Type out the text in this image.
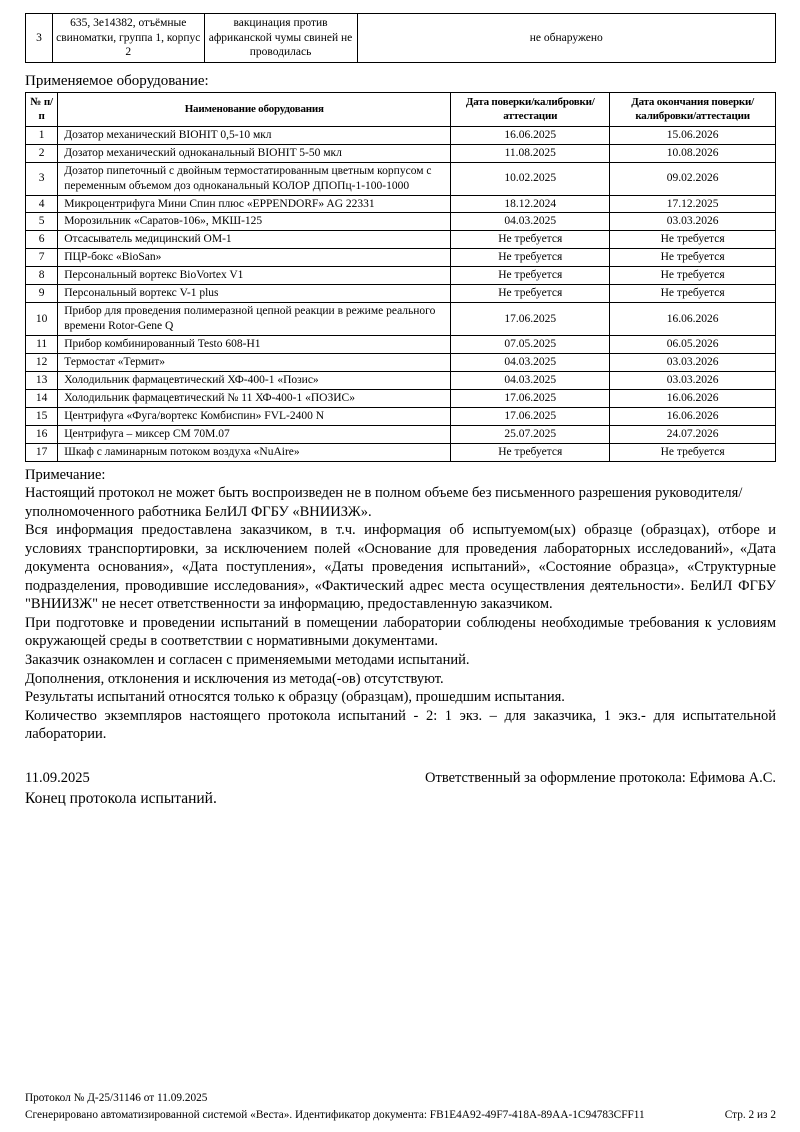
3	635, 3е14382, отъёмные свиноматки, группа 1, корпус 2	вакцинация против африканской чумы свиней не проводилась	не обнаружено
Применяемое оборудование:
№ п/п	Наименование оборудования	Дата поверки/калибровки/аттестации	Дата окончания поверки/калибровки/аттестации
1	Дозатор механический BIOHIT 0,5-10 мкл	16.06.2025	15.06.2026
2	Дозатор механический одноканальный BIOHIT 5-50 мкл	11.08.2025	10.08.2026
3	Дозатор пипеточный с двойным термостатированным цветным корпусом с переменным объемом доз одноканальный КОЛОР ДПОПц-1-100-1000	10.02.2025	09.02.2026
4	Микроцентрифуга Мини Спин плюс «EPPENDORF» AG 22331	18.12.2024	17.12.2025
5	Морозильник «Саратов-106», МКШ-125	04.03.2025	03.03.2026
6	Отсасыватель медицинский ОМ-1	Не требуется	Не требуется
7	ПЦР-бокс «BioSan»	Не требуется	Не требуется
8	Персональный вортекс BioVortex V1	Не требуется	Не требуется
9	Персональный вортекс V-1 plus	Не требуется	Не требуется
10	Прибор для проведения полимеразной цепной реакции в режиме реального времени Rotor-Gene Q	17.06.2025	16.06.2026
11	Прибор комбинированный Testo 608-H1	07.05.2025	06.05.2026
12	Термостат «Термит»	04.03.2025	03.03.2026
13	Холодильник фармацевтический ХФ-400-1 «Позис»	04.03.2025	03.03.2026
14	Холодильник фармацевтический № 11 ХФ-400-1 «ПОЗИС»	17.06.2025	16.06.2026
15	Центрифуга «Фуга/вортекс Комбиспин» FVL-2400 N	17.06.2025	16.06.2026
16	Центрифуга – миксер СМ 70М.07	25.07.2025	24.07.2026
17	Шкаф с ламинарным потоком воздуха «NuAire»	Не требуется	Не требуется

Примечание:

Настоящий протокол не может быть воспроизведен не в полном объеме без письменного разрешения руководителя/уполномоченного работника БелИЛ ФГБУ «ВНИИЗЖ».

Вся информация предоставлена заказчиком, в т.ч. информация об испытуемом(ых) образце (образцах), отборе и условиях транспортировки, за исключением полей «Основание для проведения лабораторных исследований», «Дата документа основания», «Дата поступления», «Даты проведения испытаний», «Состояние образца», «Структурные подразделения, проводившие исследования», «Фактический адрес места осуществления деятельности». БелИЛ ФГБУ "ВНИИЗЖ" не несет ответственности за информацию, предоставленную заказчиком.

При подготовке и проведении испытаний в помещении лаборатории соблюдены необходимые требования к условиям окружающей среды в соответствии с нормативными документами.

Заказчик ознакомлен и согласен с применяемыми методами испытаний.

Дополнения, отклонения и исключения из метода(-ов) отсутствуют.

Результаты испытаний относятся только к образцу (образцам), прошедшим испытания.

Количество экземпляров настоящего протокола испытаний - 2: 1 экз. – для заказчика, 1 экз.- для испытательной лаборатории.

11.09.2025	Ответственный за оформление протокола: Ефимова А.С.

Конец протокола испытаний.

Протокол № Д-25/31146 от 11.09.2025
Сгенерировано автоматизированной системой «Веста». Идентификатор документа: FB1E4A92-49F7-418A-89AA-1C94783CFF11	Стр. 2 из 2
